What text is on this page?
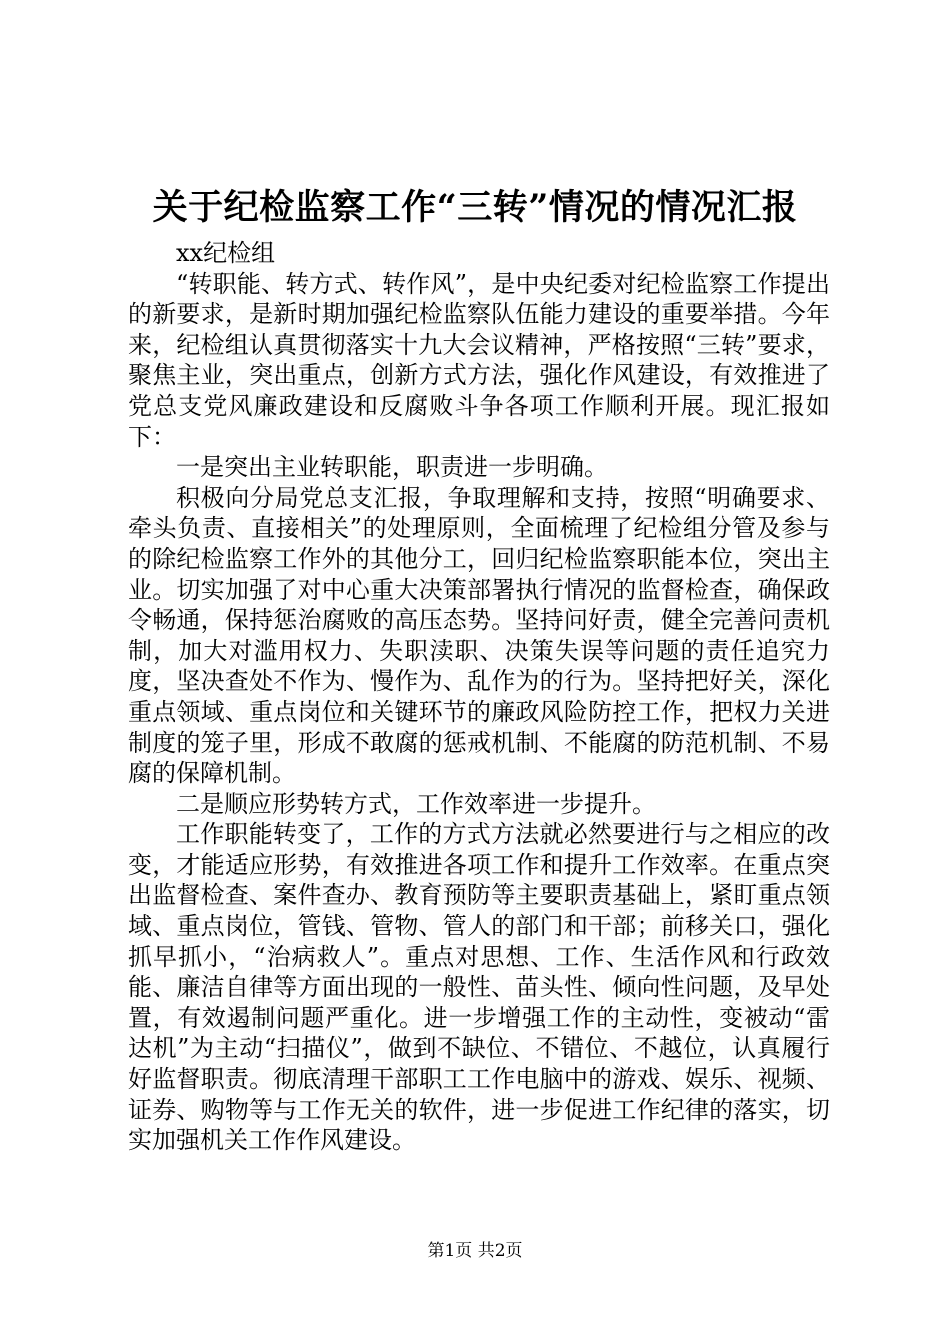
关于纪检监察工作“三转”情况的情况汇报
xx纪检组

“转职能、转方式、转作风”，是中央纪委对纪检监察工作提出的新要求，是新时期加强纪检监察队伍能力建设的重要举措。今年来，纪检组认真贯彻落实十九大会议精神，严格按照“三转”要求，聚焦主业，突出重点，创新方式方法，强化作风建设，有效推进了党总支党风廉政建设和反腐败斗争各项工作顺利开展。现汇报如下：

一是突出主业转职能，职责进一步明确。

积极向分局党总支汇报，争取理解和支持，按照“明确要求、牵头负责、直接相关”的处理原则，全面梳理了纪检组分管及参与的除纪检监察工作外的其他分工，回归纪检监察职能本位，突出主业。切实加强了对中心重大决策部署执行情况的监督检查，确保政令畅通，保持惩治腐败的高压态势。坚持问好责，健全完善问责机制，加大对滥用权力、失职渎职、决策失误等问题的责任追究力度，坚决查处不作为、慢作为、乱作为的行为。坚持把好关，深化重点领域、重点岗位和关键环节的廉政风险防控工作，把权力关进制度的笼子里，形成不敢腐的惩戒机制、不能腐的防范机制、不易腐的保障机制。

二是顺应形势转方式，工作效率进一步提升。

工作职能转变了，工作的方式方法就必然要进行与之相应的改变，才能适应形势，有效推进各项工作和提升工作效率。在重点突出监督检查、案件查办、教育预防等主要职责基础上，紧盯重点领域、重点岗位，管钱、管物、管人的部门和干部；前移关口，强化抓早抓小，“治病救人”。重点对思想、工作、生活作风和行政效能、廉洁自律等方面出现的一般性、苗头性、倾向性问题，及早处置，有效遏制问题严重化。进一步增强工作的主动性，变被动“雷达机”为主动“扫描仪”，做到不缺位、不错位、不越位，认真履行好监督职责。彻底清理干部职工工作电脑中的游戏、娱乐、视频、证券、购物等与工作无关的软件，进一步促进工作纪律的落实，切实加强机关工作作风建设。

第1页 共2页
